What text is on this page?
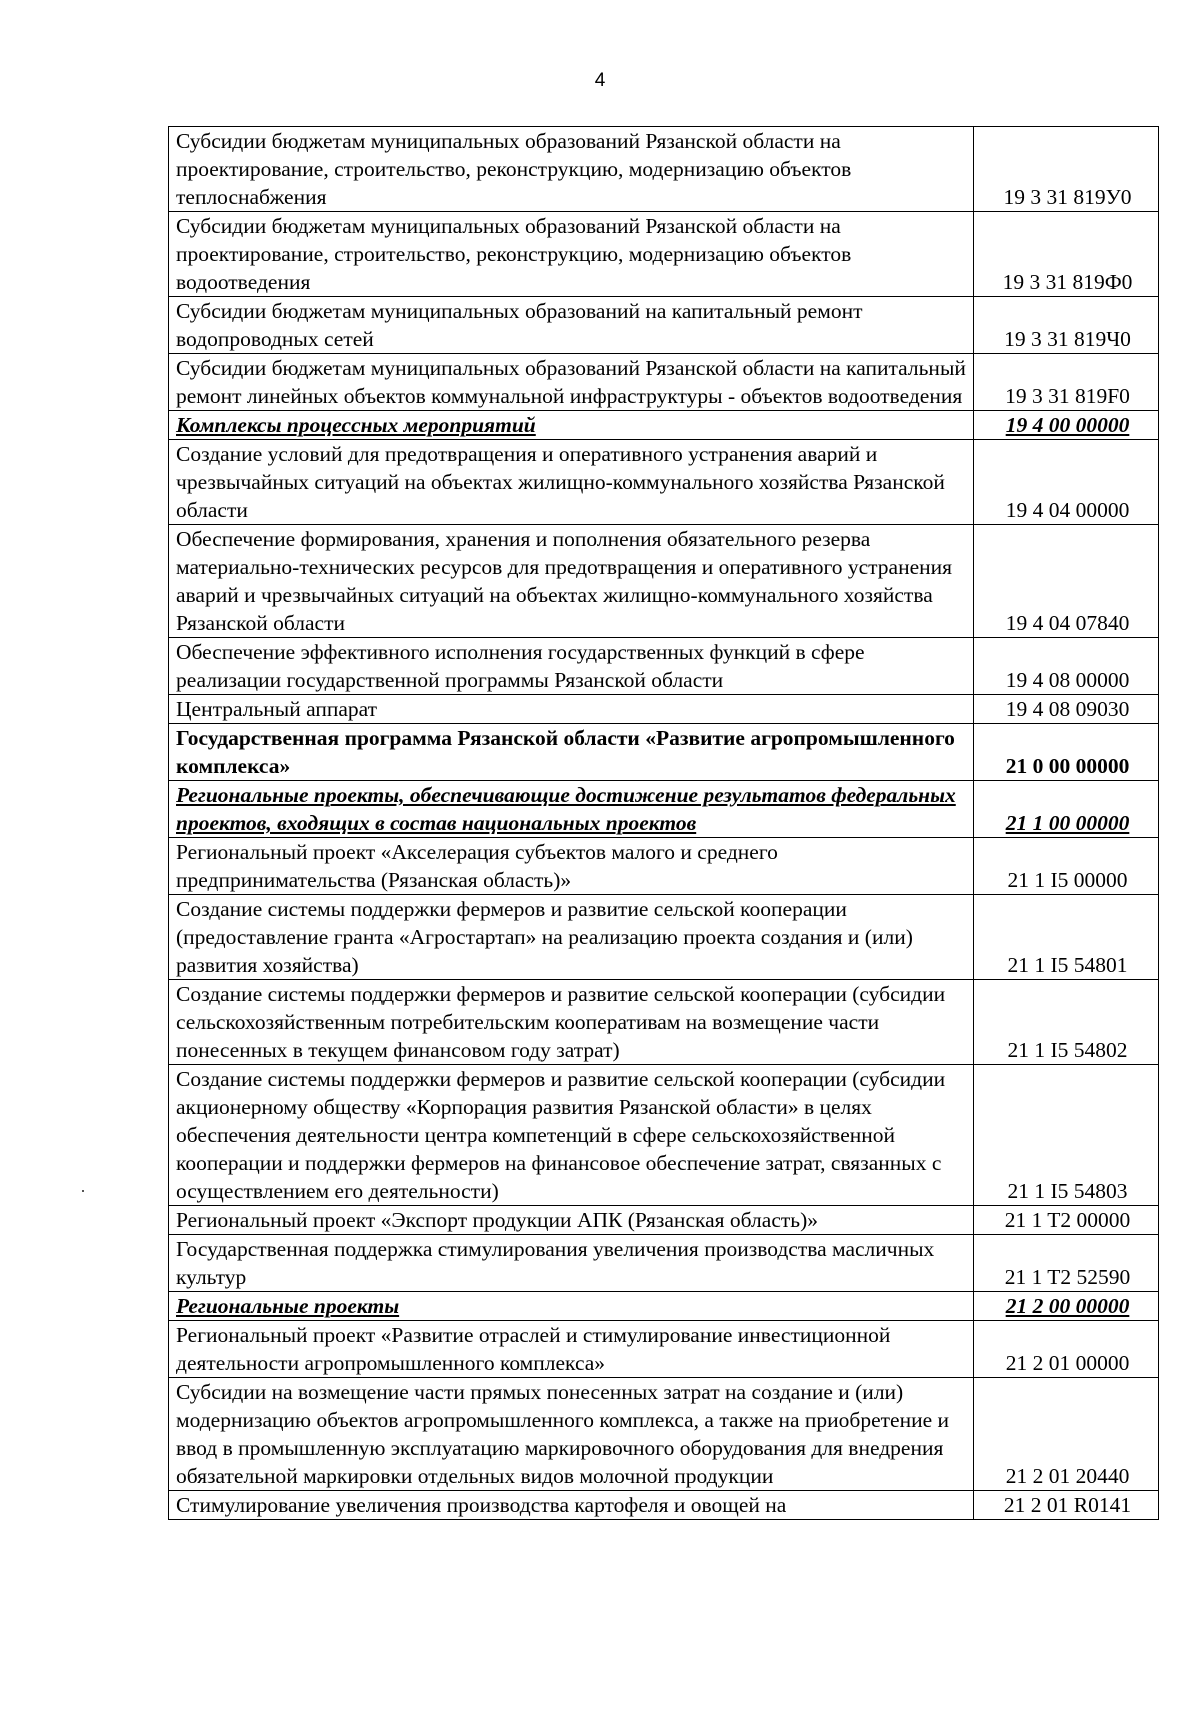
4
Субсидии бюджетам муниципальных образований Рязанской области на проектирование, строительство, реконструкцию, модернизацию объектов теплоснабжения	19 3 31 819У0
Субсидии бюджетам муниципальных образований Рязанской области на проектирование, строительство, реконструкцию, модернизацию объектов водоотведения	19 3 31 819Ф0
Субсидии бюджетам муниципальных образований на капитальный ремонт водопроводных сетей	19 3 31 819Ч0
Субсидии бюджетам муниципальных образований Рязанской области на капитальный ремонт линейных объектов коммунальной инфраструктуры - объектов водоотведения	19 3 31 819F0
Комплексы процессных мероприятий	19 4 00 00000
Создание условий для предотвращения и оперативного устранения аварий и чрезвычайных ситуаций на объектах жилищно-коммунального хозяйства Рязанской области	19 4 04 00000
Обеспечение формирования, хранения и пополнения обязательного резерва материально-технических ресурсов для предотвращения и оперативного устранения аварий и чрезвычайных ситуаций на объектах жилищно-коммунального хозяйства Рязанской области	19 4 04 07840
Обеспечение эффективного исполнения государственных функций в сфере реализации государственной программы Рязанской области	19 4 08 00000
Центральный аппарат	19 4 08 09030
Государственная программа Рязанской области «Развитие агропромышленного комплекса»	21 0 00 00000
Региональные проекты, обеспечивающие достижение результатов федеральных проектов, входящих в состав национальных проектов	21 1 00 00000
Региональный проект «Акселерация субъектов малого и среднего предпринимательства (Рязанская область)»	21 1 I5 00000
Создание системы поддержки фермеров и развитие сельской кооперации (предоставление гранта «Агростартап» на реализацию проекта создания и (или) развития хозяйства)	21 1 I5 54801
Создание системы поддержки фермеров и развитие сельской кооперации (субсидии сельскохозяйственным потребительским кооперативам на возмещение части понесенных в текущем финансовом году затрат)	21 1 I5 54802
Создание системы поддержки фермеров и развитие сельской кооперации (субсидии акционерному обществу «Корпорация развития Рязанской области» в целях обеспечения деятельности центра компетенций в сфере сельскохозяйственной кооперации и поддержки фермеров на финансовое обеспечение затрат, связанных с осуществлением его деятельности)	21 1 I5 54803
Региональный проект «Экспорт продукции АПК (Рязанская область)»	21 1 T2 00000
Государственная поддержка стимулирования увеличения производства масличных культур	21 1 T2 52590
Региональные проекты	21 2 00 00000
Региональный проект «Развитие отраслей и стимулирование инвестиционной деятельности агропромышленного комплекса»	21 2 01 00000
Субсидии на возмещение части прямых понесенных затрат на создание и (или) модернизацию объектов агропромышленного комплекса, а также на приобретение и ввод в промышленную эксплуатацию маркировочного оборудования для внедрения обязательной маркировки отдельных видов молочной продукции	21 2 01 20440
Стимулирование увеличения производства картофеля и овощей на	21 2 01 R0141
